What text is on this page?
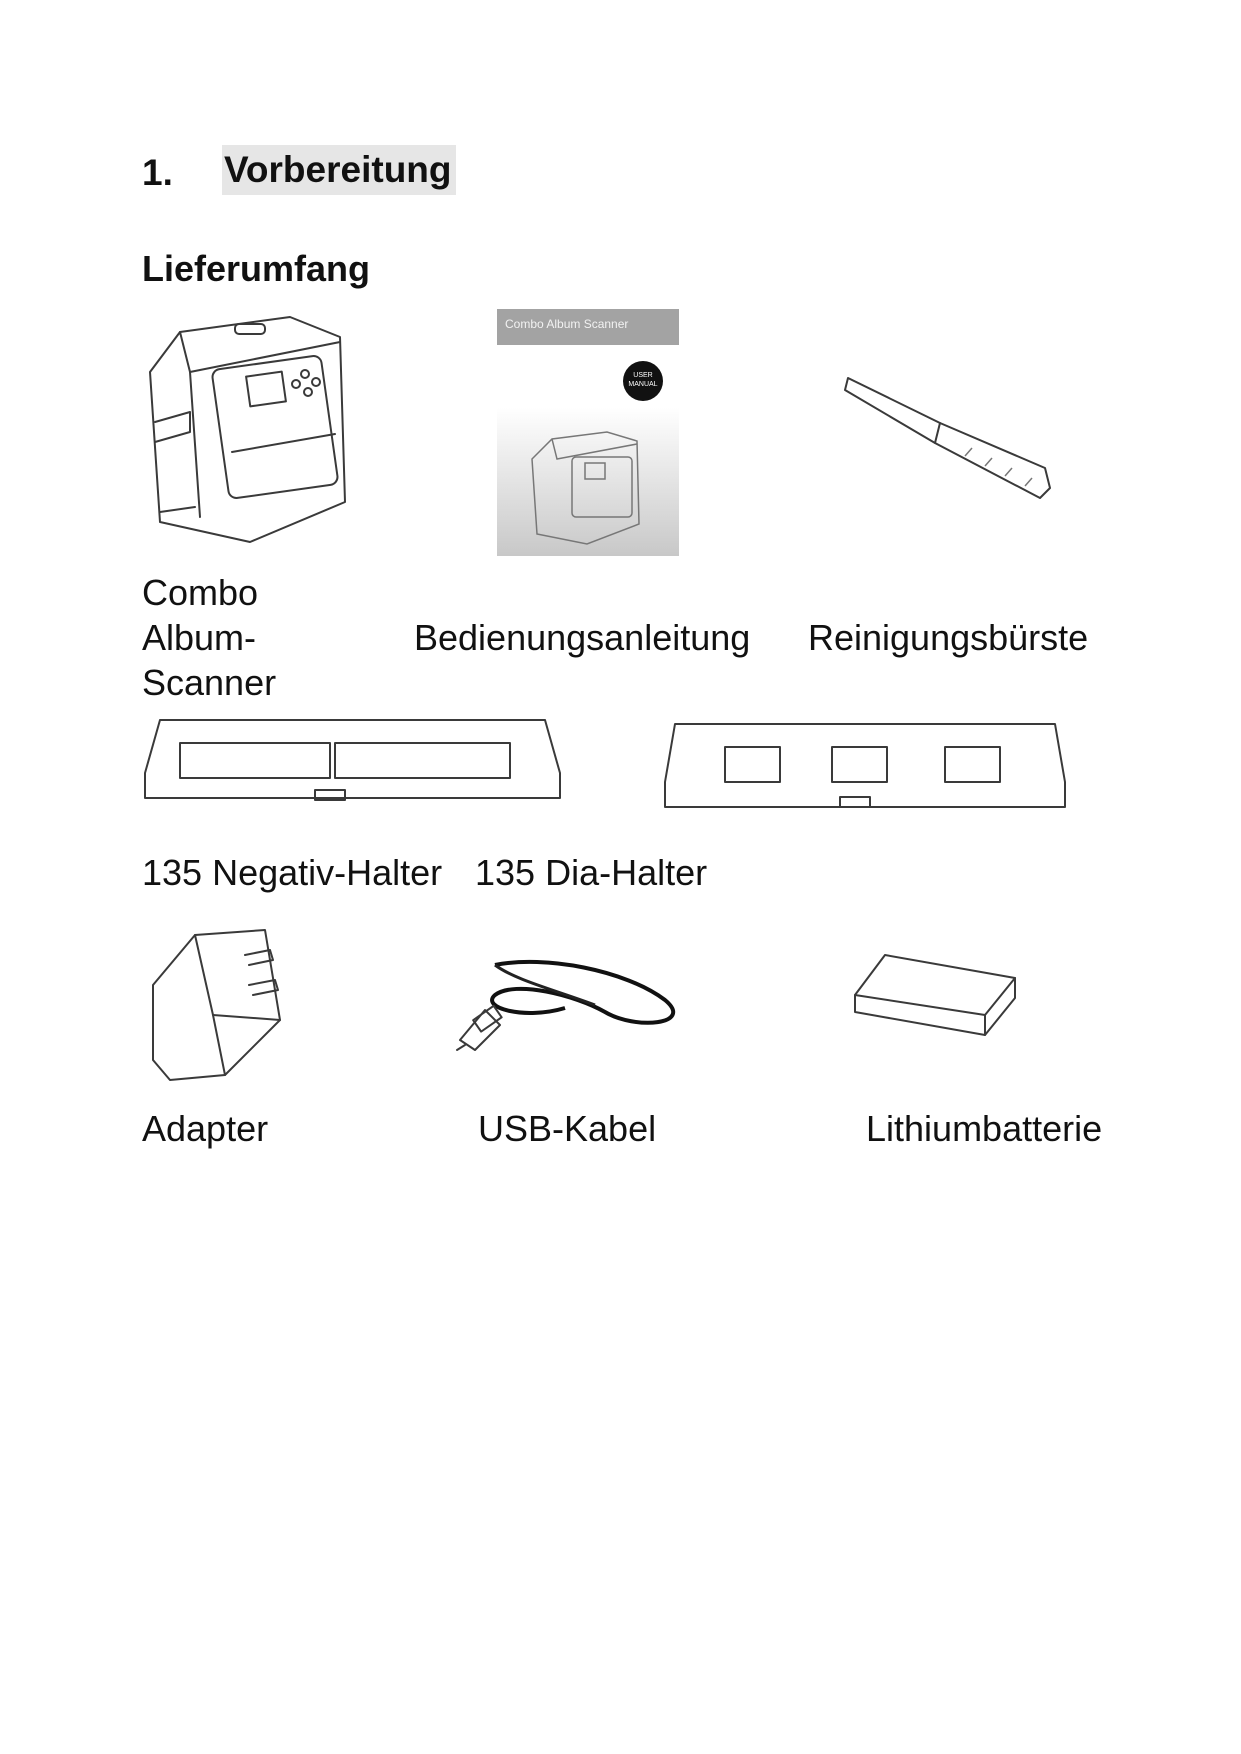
1. Vorbereitung
Lieferumfang
Combo Album Scanner
USER MANUAL
Combo
Album-
Scanner
Bedienungsanleitung Reinigungsbürste
135 Negativ-Halter 135 Dia-Halter
Adapter	USB-Kabel	Lithiumbatterie
